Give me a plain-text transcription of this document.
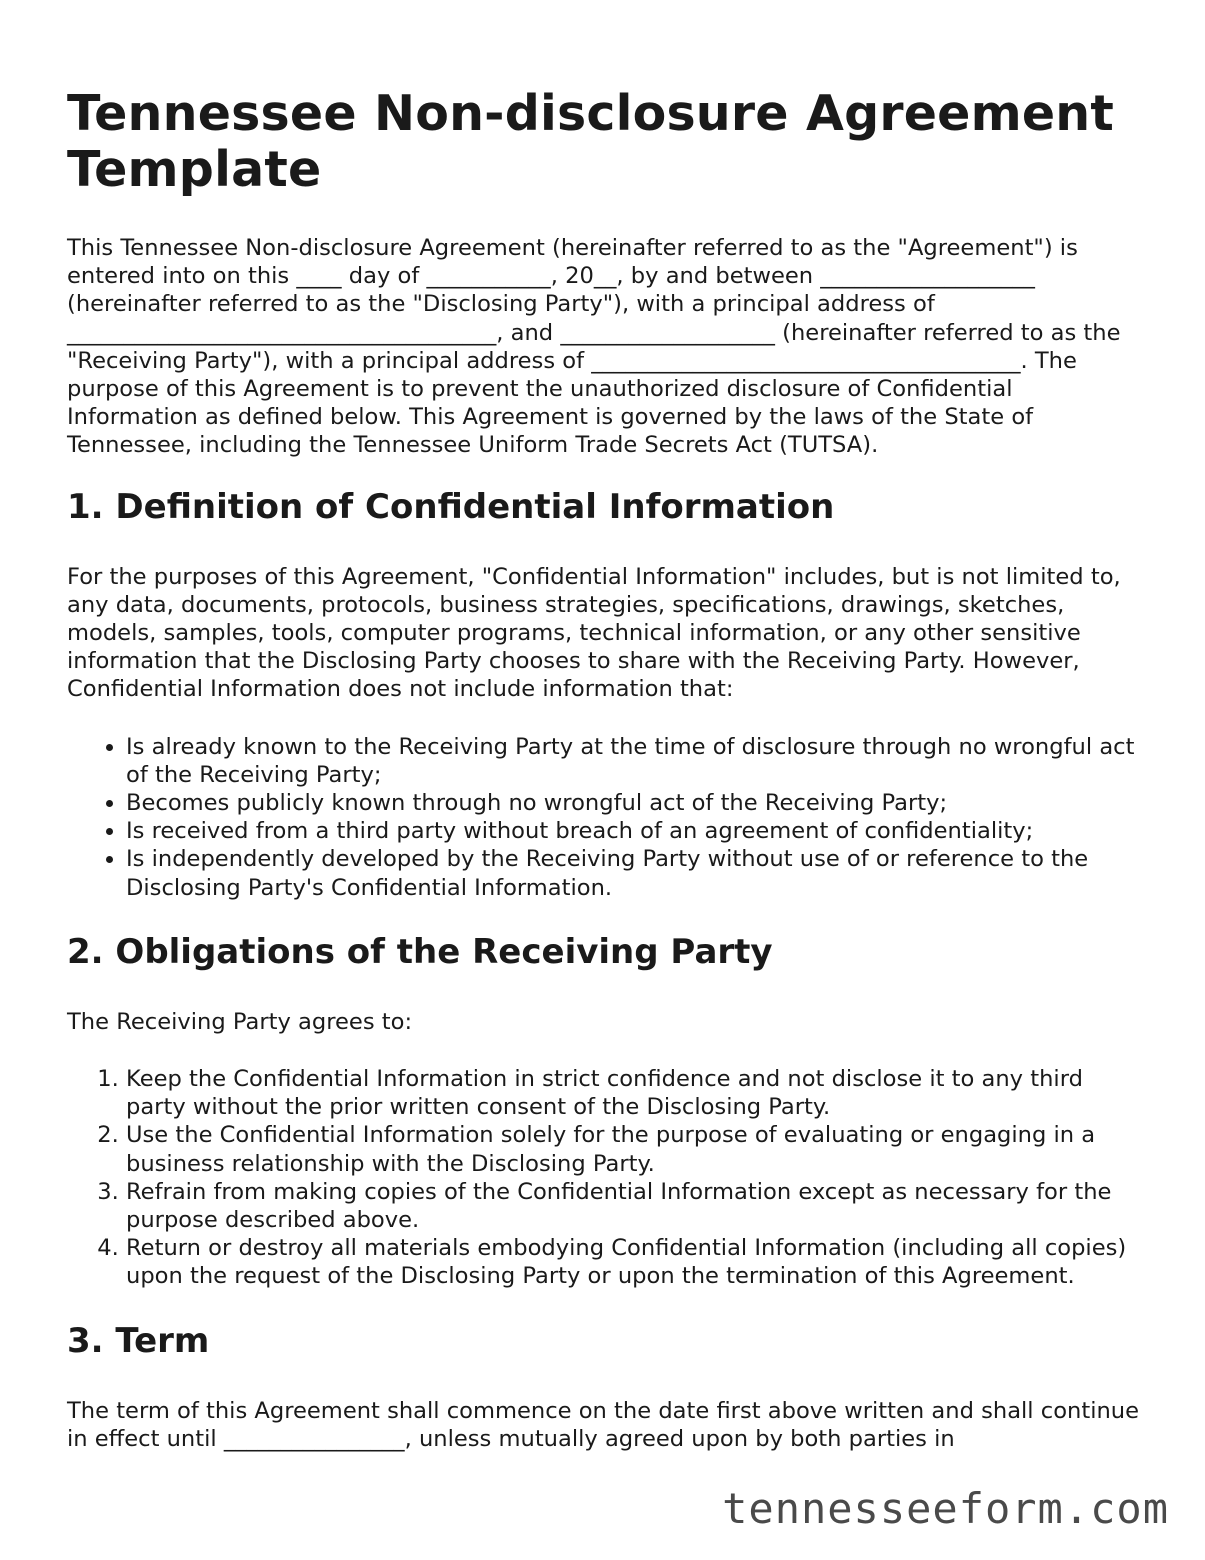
Tennessee Non-disclosure Agreement Template

This Tennessee Non-disclosure Agreement (hereinafter referred to as the "Agreement") is entered into on this ____ day of ___________, 20__, by and between ___________________ (hereinafter referred to as the "Disclosing Party"), with a principal address of ______________________________________, and ___________________ (hereinafter referred to as the "Receiving Party"), with a principal address of ______________________________________. The purpose of this Agreement is to prevent the unauthorized disclosure of Confidential Information as defined below. This Agreement is governed by the laws of the State of Tennessee, including the Tennessee Uniform Trade Secrets Act (TUTSA).

1. Definition of Confidential Information

For the purposes of this Agreement, "Confidential Information" includes, but is not limited to, any data, documents, protocols, business strategies, specifications, drawings, sketches, models, samples, tools, computer programs, technical information, or any other sensitive information that the Disclosing Party chooses to share with the Receiving Party. However, Confidential Information does not include information that:

• Is already known to the Receiving Party at the time of disclosure through no wrongful act of the Receiving Party;
• Becomes publicly known through no wrongful act of the Receiving Party;
• Is received from a third party without breach of an agreement of confidentiality;
• Is independently developed by the Receiving Party without use of or reference to the Disclosing Party's Confidential Information.
2. Obligations of the Receiving Party

The Receiving Party agrees to:

1. Keep the Confidential Information in strict confidence and not disclose it to any third party without the prior written consent of the Disclosing Party.
2. Use the Confidential Information solely for the purpose of evaluating or engaging in a business relationship with the Disclosing Party.
3. Refrain from making copies of the Confidential Information except as necessary for the purpose described above.
4. Return or destroy all materials embodying Confidential Information (including all copies) upon the request of the Disclosing Party or upon the termination of this Agreement.
3. Term

The term of this Agreement shall commence on the date first above written and shall continue in effect until ________________, unless mutually agreed upon by both parties in

tennesseeform.com
